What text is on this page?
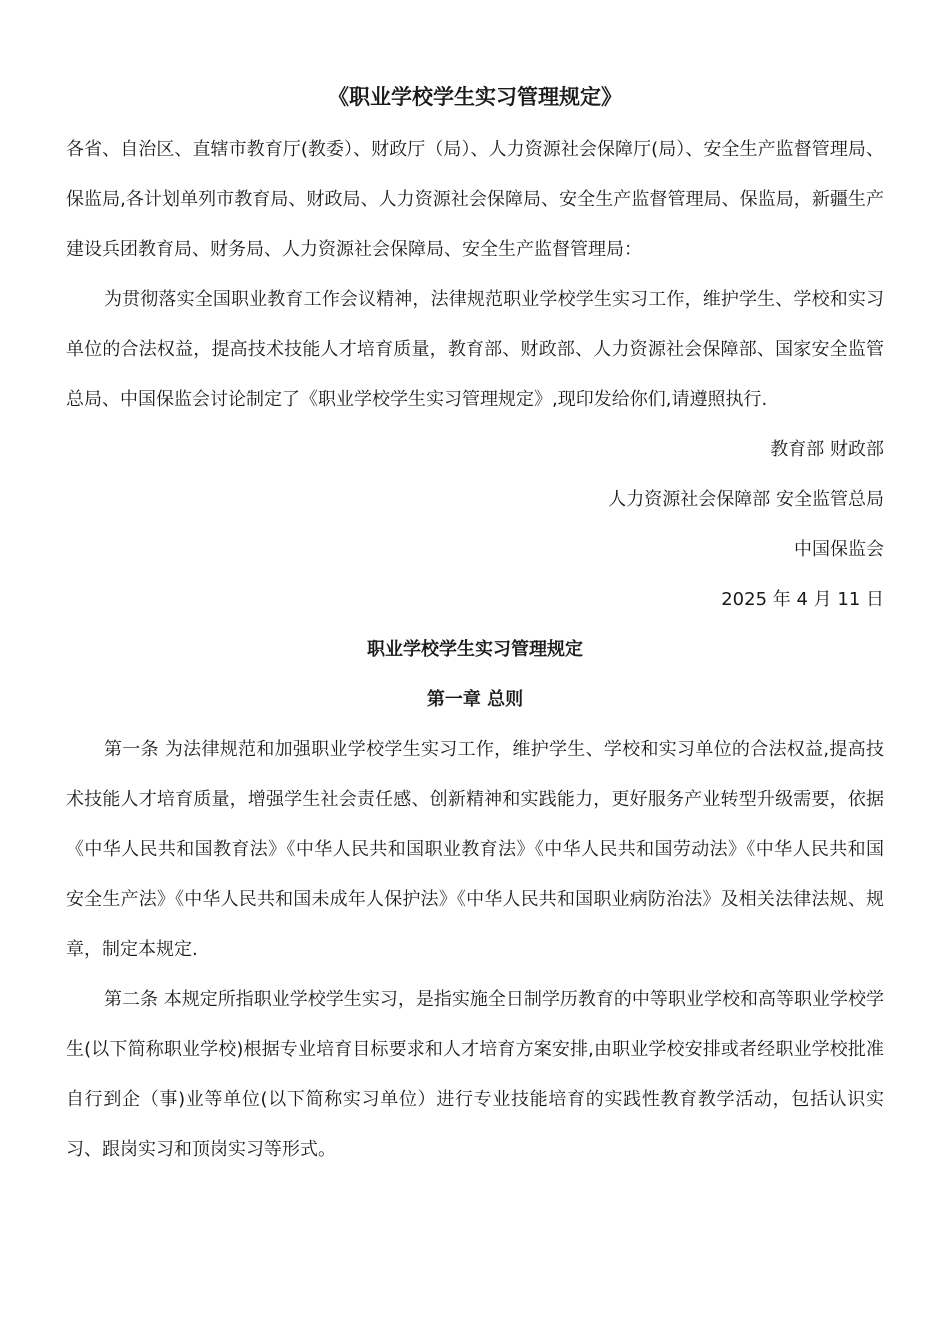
《职业学校学生实习管理规定》

各省、自治区、直辖市教育厅(教委）、财政厅（局）、人力资源社会保障厅(局）、安全生产监督管理局、保监局,各计划单列市教育局、财政局、人力资源社会保障局、安全生产监督管理局、保监局，新疆生产建设兵团教育局、财务局、人力资源社会保障局、安全生产监督管理局：

为贯彻落实全国职业教育工作会议精神，法律规范职业学校学生实习工作，维护学生、学校和实习单位的合法权益，提高技术技能人才培育质量，教育部、财政部、人力资源社会保障部、国家安全监管总局、中国保监会讨论制定了《职业学校学生实习管理规定》,现印发给你们,请遵照执行.

教育部 财政部

人力资源社会保障部 安全监管总局

中国保监会

2025 年 4 月 11 日

职业学校学生实习管理规定
第一章 总则

第一条 为法律规范和加强职业学校学生实习工作，维护学生、学校和实习单位的合法权益,提高技术技能人才培育质量，增强学生社会责任感、创新精神和实践能力，更好服务产业转型升级需要，依据《中华人民共和国教育法》《中华人民共和国职业教育法》《中华人民共和国劳动法》《中华人民共和国安全生产法》《中华人民共和国未成年人保护法》《中华人民共和国职业病防治法》及相关法律法规、规章，制定本规定.

第二条 本规定所指职业学校学生实习，是指实施全日制学历教育的中等职业学校和高等职业学校学生(以下简称职业学校)根据专业培育目标要求和人才培育方案安排,由职业学校安排或者经职业学校批准自行到企（事)业等单位(以下简称实习单位）进行专业技能培育的实践性教育教学活动，包括认识实习、跟岗实习和顶岗实习等形式。
